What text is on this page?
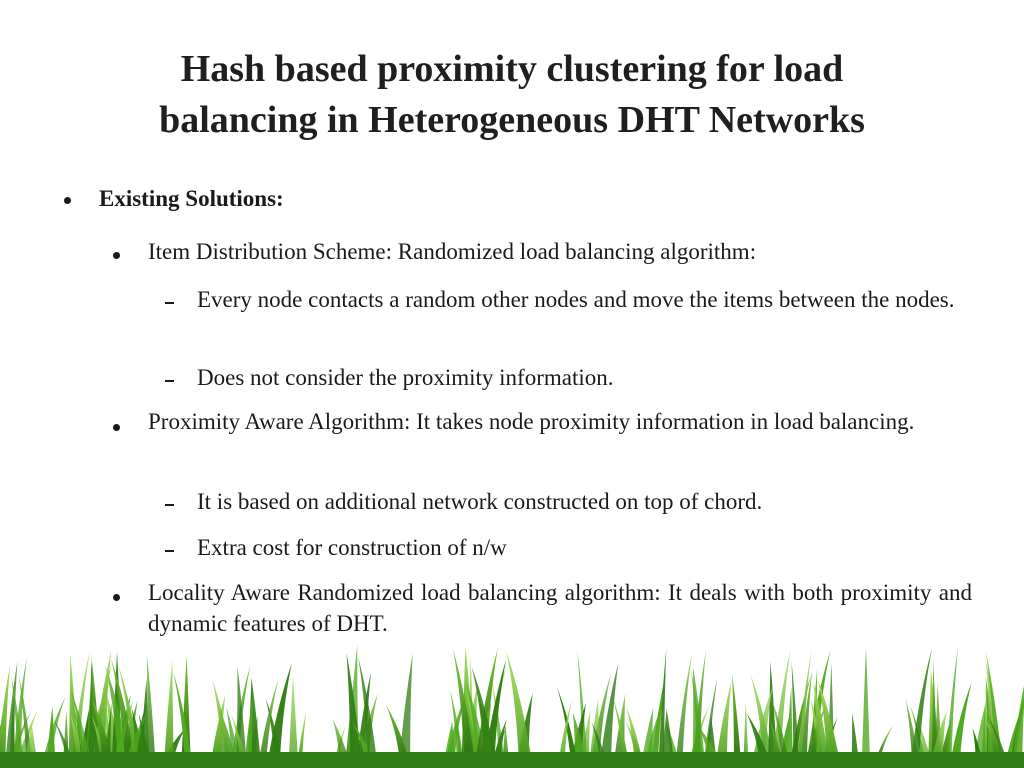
Hash based proximity clustering for load
balancing in Heterogeneous DHT Networks
Existing Solutions:
Item Distribution Scheme: Randomized load balancing algorithm:
Every node contacts a random other nodes and move the items between the nodes.
Does not consider the proximity information.
Proximity Aware Algorithm: It takes node proximity information in load balancing.
It is based on additional network constructed on top of chord.
Extra cost for construction of n/w
Locality Aware Randomized load balancing algorithm: It deals with both proximity and dynamic features of DHT.
